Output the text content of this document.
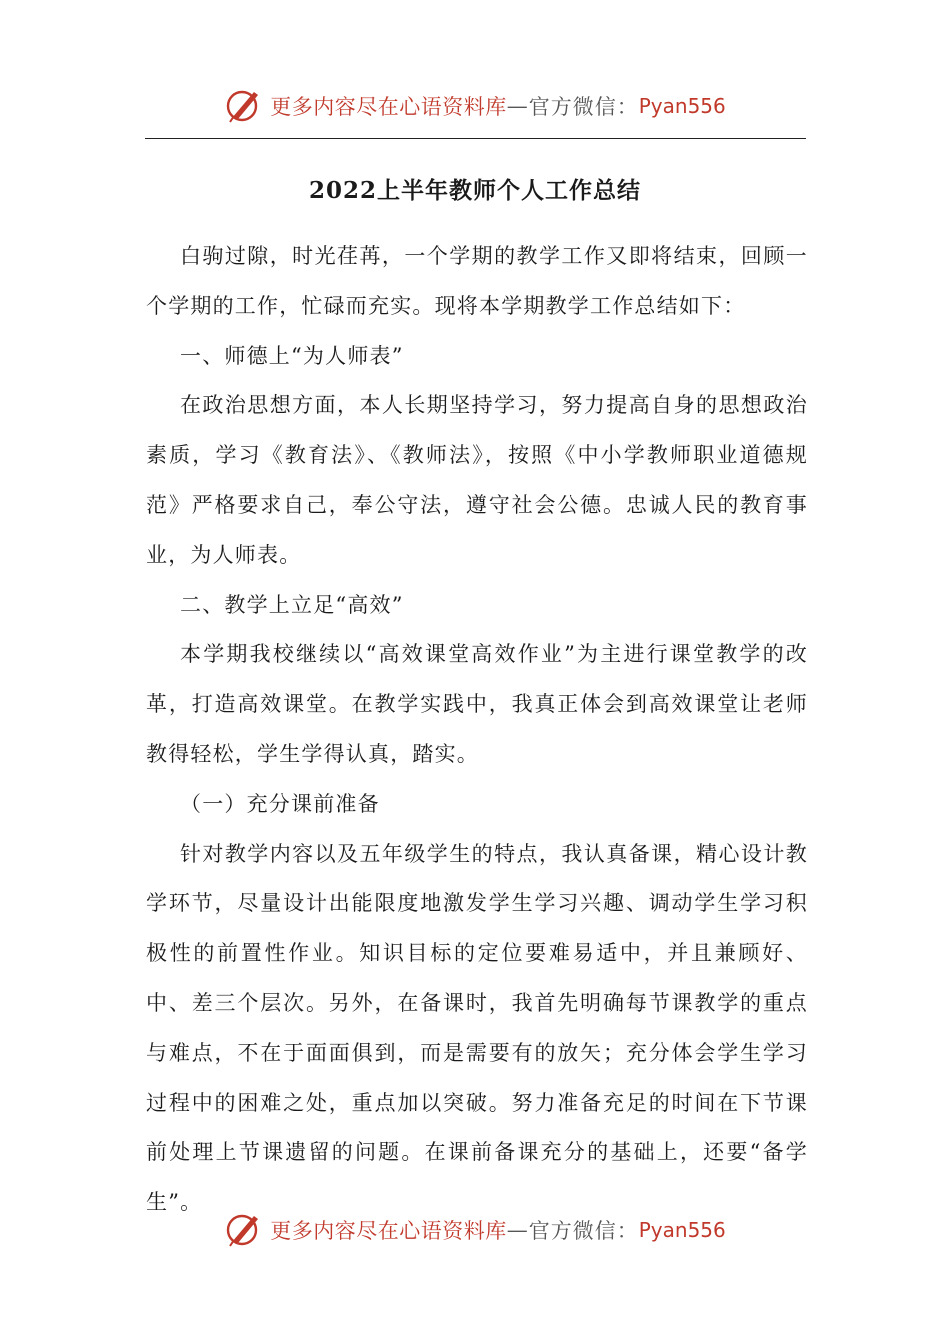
更多内容尽在心语资料库 — 官方微信： Pyan556
2022上半年教师个人工作总结

白驹过隙，时光荏苒，一个学期的教学工作又即将结束，回顾一个学期的工作，忙碌而充实。现将本学期教学工作总结如下：

一、师德上“为人师表”

在政治思想方面，本人长期坚持学习，努力提高自身的思想政治素质，学习《教育法》、《教师法》，按照《中小学教师职业道德规范》严格要求自己，奉公守法，遵守社会公德。忠诚人民的教育事业，为人师表。

二、教学上立足“高效”

本学期我校继续以“高效课堂高效作业”为主进行课堂教学的改革，打造高效课堂。在教学实践中，我真正体会到高效课堂让老师教得轻松，学生学得认真，踏实。

（一）充分课前准备

针对教学内容以及五年级学生的特点，我认真备课，精心设计教学环节，尽量设计出能限度地激发学生学习兴趣、调动学生学习积极性的前置性作业。知识目标的定位要难易适中，并且兼顾好、中、差三个层次。另外，在备课时，我首先明确每节课教学的重点与难点，不在于面面俱到，而是需要有的放矢；充分体会学生学习过程中的困难之处，重点加以突破。努力准备充足的时间在下节课前处理上节课遗留的问题。在课前备课充分的基础上，还要“备学生”。

更多内容尽在心语资料库 — 官方微信： Pyan556
